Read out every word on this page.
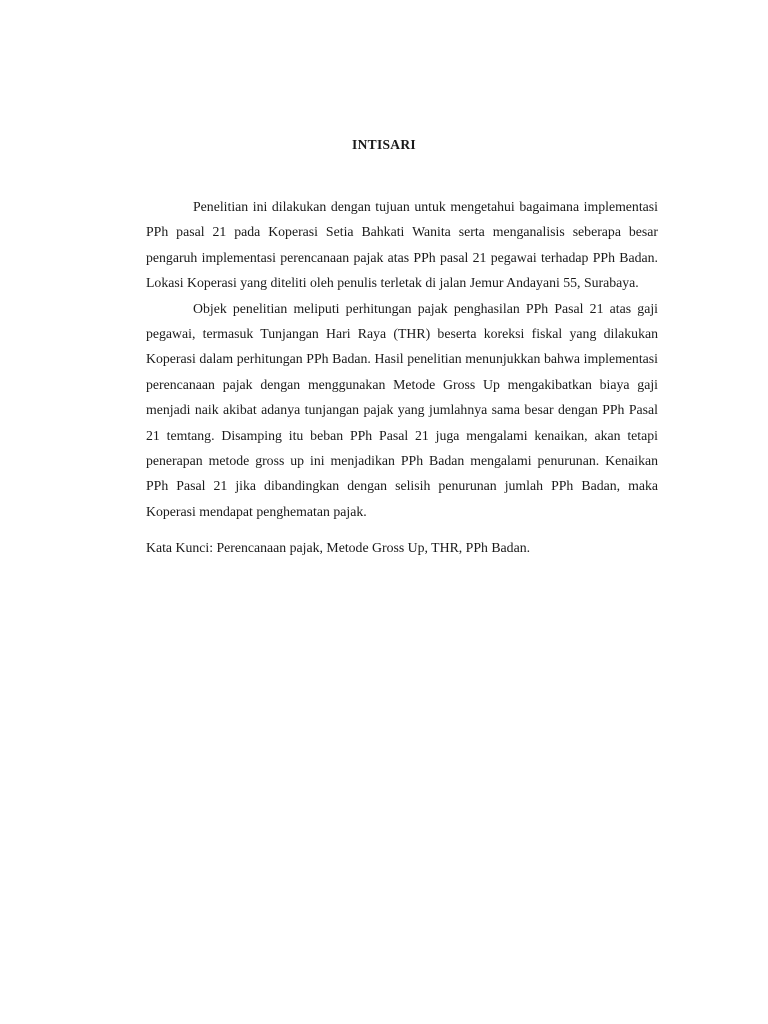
INTISARI

Penelitian ini dilakukan dengan tujuan untuk mengetahui bagaimana implementasi PPh pasal 21 pada Koperasi Setia Bahkati Wanita serta menganalisis seberapa besar pengaruh implementasi perencanaan pajak atas PPh pasal 21 pegawai terhadap PPh Badan. Lokasi Koperasi yang diteliti oleh penulis terletak di jalan Jemur Andayani 55, Surabaya.

Objek penelitian meliputi perhitungan pajak penghasilan PPh Pasal 21 atas gaji pegawai, termasuk Tunjangan Hari Raya (THR) beserta koreksi fiskal yang dilakukan Koperasi dalam perhitungan PPh Badan. Hasil penelitian menunjukkan bahwa implementasi perencanaan pajak dengan menggunakan Metode Gross Up mengakibatkan biaya gaji menjadi naik akibat adanya tunjangan pajak yang jumlahnya sama besar dengan PPh Pasal 21 temtang. Disamping itu beban PPh Pasal 21 juga mengalami kenaikan, akan tetapi penerapan metode gross up ini menjadikan PPh Badan mengalami penurunan. Kenaikan PPh Pasal 21 jika dibandingkan dengan selisih penurunan jumlah PPh Badan, maka Koperasi mendapat penghematan pajak.

Kata Kunci: Perencanaan pajak, Metode Gross Up, THR, PPh Badan.
